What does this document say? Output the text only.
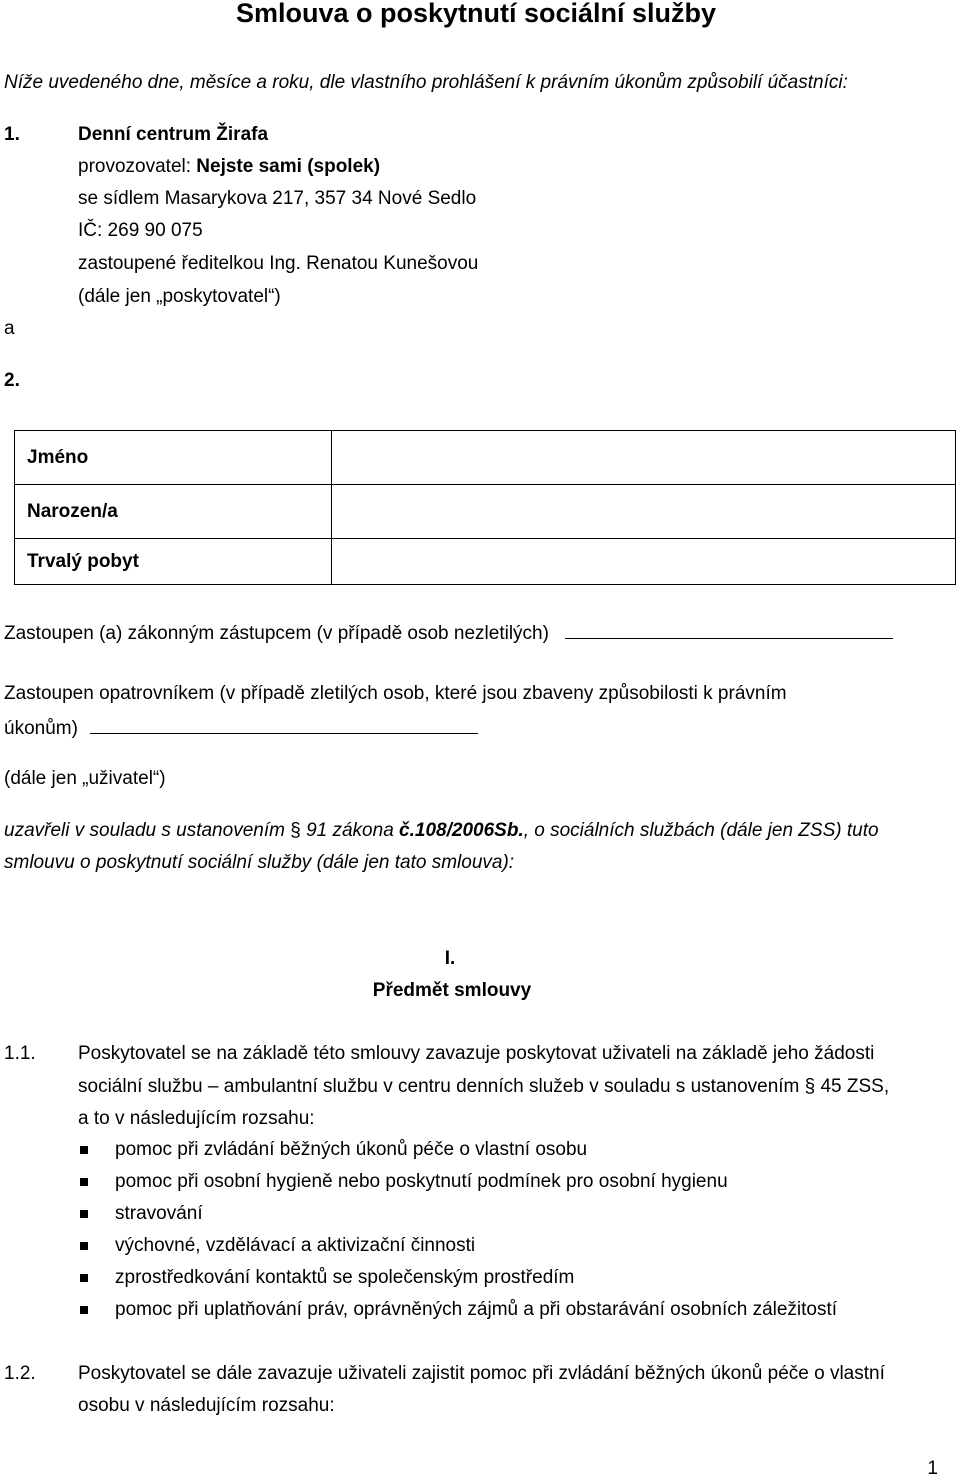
Smlouva o poskytnutí sociální služby
Níže uvedeného dne, měsíce a roku, dle vlastního prohlášení k právním úkonům způsobilí účastníci:
1.	Denní centrum Žirafa
provozovatel: Nejste sami (spolek)
se sídlem Masarykova 217, 357 34 Nové Sedlo
IČ: 269 90 075
zastoupené ředitelkou Ing. Renatou Kunešovou
(dále jen „poskytovatel“)
a
2.
Jméno	
Narozen/a	
Trvalý pobyt	
Zastoupen (a) zákonným zástupcem (v případě osob nezletilých)
Zastoupen opatrovníkem (v případě zletilých osob, které jsou zbaveny způsobilosti k právním
úkonům)
(dále jen „uživatel“)
uzavřeli v souladu s ustanovením § 91 zákona č.108/2006Sb., o sociálních službách (dále jen ZSS) tuto
smlouvu o poskytnutí sociální služby (dále jen tato smlouva):
I.
Předmět smlouvy
1.1. Poskytovatel se na základě této smlouvy zavazuje poskytovat uživateli na základě jeho žádosti
sociální službu – ambulantní službu v centru denních služeb v souladu s ustanovením § 45 ZSS,
a to v následujícím rozsahu:
pomoc při zvládání běžných úkonů péče o vlastní osobu
pomoc při osobní hygieně nebo poskytnutí podmínek pro osobní hygienu
stravování
výchovné, vzdělávací a aktivizační činnosti
zprostředkování kontaktů se společenským prostředím
pomoc při uplatňování práv, oprávněných zájmů a při obstarávání osobních záležitostí
1.2. Poskytovatel se dále zavazuje uživateli zajistit pomoc při zvládání běžných úkonů péče o vlastní
osobu v následujícím rozsahu:
1
